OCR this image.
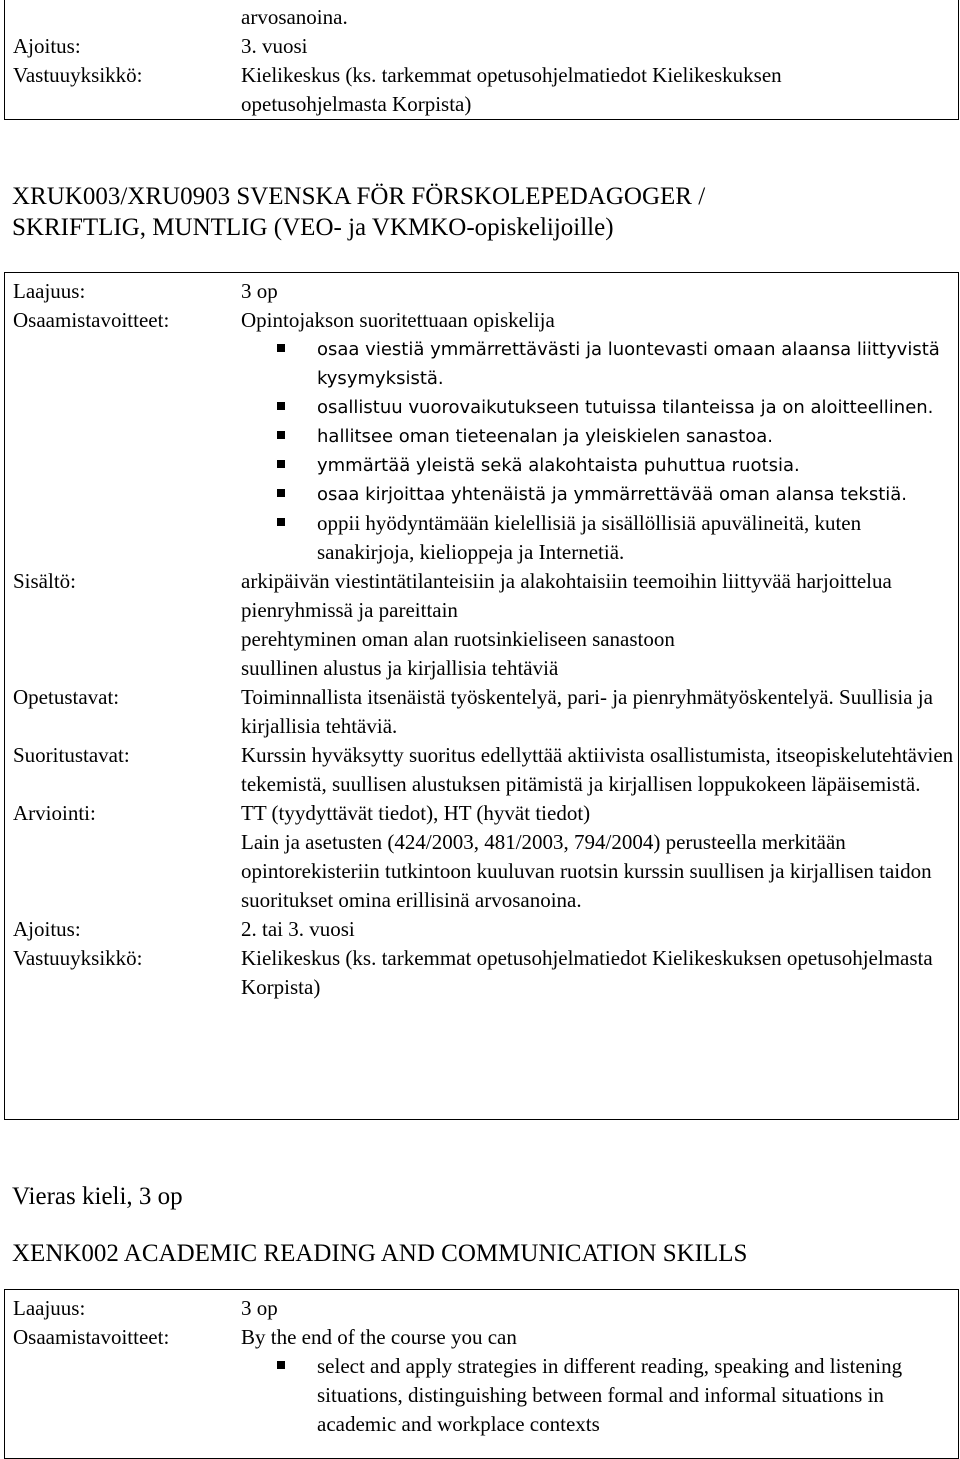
arvosanoina.
Ajoitus:	3. vuosi
Vastuuyksikkö:	Kielikeskus (ks. tarkemmat opetusohjelmatiedot Kielikeskuksen
opetusohjelmasta Korpista)
XRUK003/XRU0903 SVENSKA FÖR FÖRSKOLEPEDAGOGER /
SKRIFTLIG, MUNTLIG (VEO- ja VKMKO-opiskelijoille)
Laajuus:	3 op
Osaamistavoitteet:	Opintojakson suoritettuaan opiskelija
osaa viestiä ymmärrettävästi ja luontevasti omaan alaansa liittyvistä kysymyksistä.
osallistuu vuorovaikutukseen tutuissa tilanteissa ja on aloitteellinen.
hallitsee oman tieteenalan ja yleiskielen sanastoa.
ymmärtää yleistä sekä alakohtaista puhuttua ruotsia.
osaa kirjoittaa yhtenäistä ja ymmärrettävää oman alansa tekstiä.
oppii hyödyntämään kielellisiä ja sisällöllisiä apuvälineitä, kuten sanakirjoja, kielioppeja ja Internetiä.
Sisältö:	arkipäivän viestintätilanteisiin ja alakohtaisiin teemoihin liittyvää harjoittelua pienryhmissä ja pareittain
perehtyminen oman alan ruotsinkieliseen sanastoon
suullinen alustus ja kirjallisia tehtäviä
Opetustavat:	Toiminnallista itsenäistä työskentelyä, pari- ja pienryhmätyöskentelyä. Suullisia ja kirjallisia tehtäviä.
Suoritustavat:	Kurssin hyväksytty suoritus edellyttää aktiivista osallistumista, itseopiskelutehtävien tekemistä, suullisen alustuksen pitämistä ja kirjallisen loppukokeen läpäisemistä.
Arviointi:	TT (tyydyttävät tiedot), HT (hyvät tiedot)
Lain ja asetusten (424/2003, 481/2003, 794/2004) perusteella merkitään opintorekisteriin tutkintoon kuuluvan ruotsin kurssin suullisen ja kirjallisen taidon suoritukset omina erillisinä arvosanoina.
Ajoitus:	2. tai 3. vuosi
Vastuuyksikkö:	Kielikeskus (ks. tarkemmat opetusohjelmatiedot Kielikeskuksen opetusohjelmasta Korpista)
Vieras kieli, 3 op
XENK002 ACADEMIC READING AND COMMUNICATION SKILLS
Laajuus:	3 op
Osaamistavoitteet:	By the end of the course you can
select and apply strategies in different reading, speaking and listening situations, distinguishing between formal and informal situations in academic and workplace contexts
